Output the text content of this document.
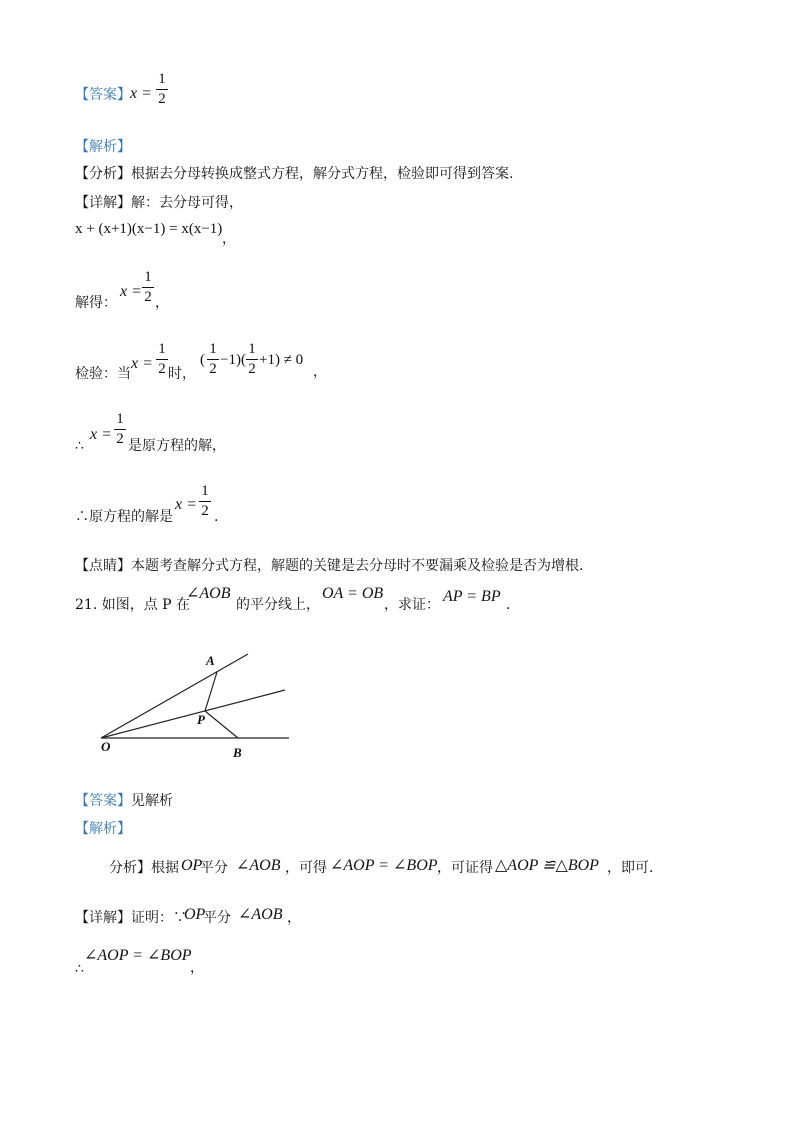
【答案】 x =
1
2
【解析】
【分析】根据去分母转换成整式方程，解分式方程，检验即可得到答案.
【详解】解：去分母可得，
x + (x+1)(x−1) = x(x−1)
，
解得：
x =
1
2 ，
检验：当
x =
1
2 时，
(
1
2
−1)(
1
2
+1) ≠ 0
，
∴
x =
1
2 是原方程的解，
∴原方程的解是
x =
1
2 .
【点睛】本题考查解分式方程，解题的关键是去分母时不要漏乘及检验是否为增根.
21. 如图，点 P 在
∠AOB
的平分线上，
OA = OB
，求证： AP = BP .
A
P
O	B
【答案】见解析
【解析】
分析】根据 OP
平分 ∠AOB ，可得 ∠AOP = ∠BOP ，可证得 △AOP ≌△BOP ，即可.
【详解】 证明：∵
OP
平分 ∠AOB ，
∴
∠AOP = ∠BOP
，
